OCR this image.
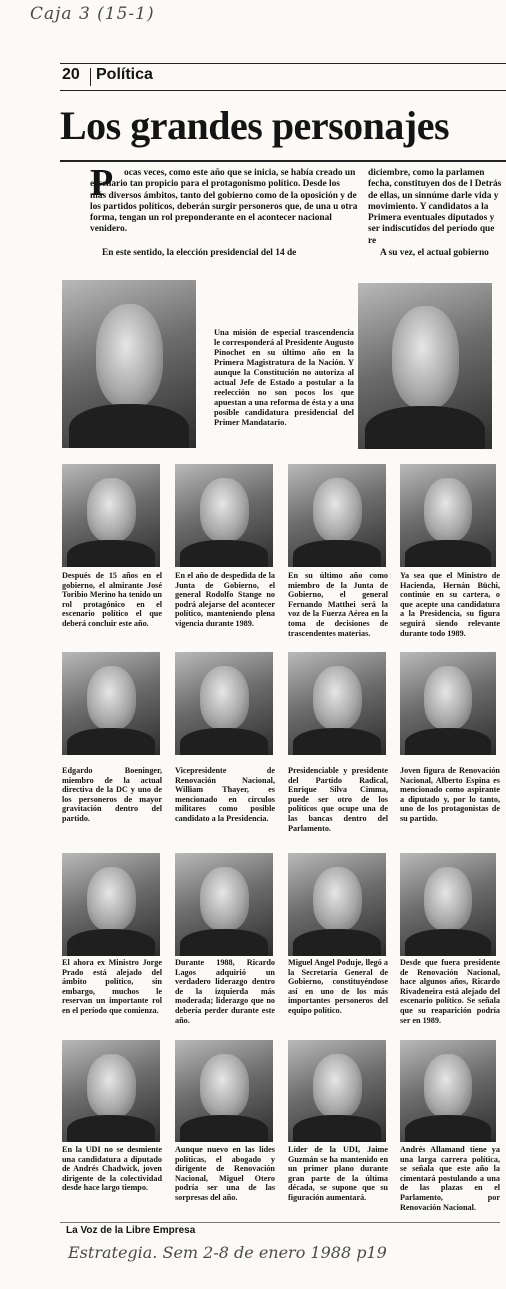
Caja 3 (15-1)
20 Política
Los grandes personajes
P	ocas veces, como este año que se inicia, se había creado un escenario tan propicio para el protagonismo político. Desde los más diversos ámbitos, tanto del gobierno como de la oposición y de los partidos políticos, deberán surgir personeros que, de una u otra forma, tengan un rol preponderante en el acontecer nacional venidero.
En este sentido, la elección presidencial del 14 de
diciembre, como la parlamen fecha, constituyen dos de l Detrás de ellas, un sinnúme darle vida y movimiento. Y candidatos a la Primera eventuales diputados y ser indiscutidos del período que re
A su vez, el actual gobierno
Una misión de especial trascendencia le corresponderá al Presidente Augusto Pinochet en su último año en la Primera Magistratura de la Nación. Y aunque la Constitución no autoriza al actual Jefe de Estado a postular a la reelección no son pocos los que apuestan a una reforma de ésta y a una posible candidatura presidencial del Primer Mandatario.
Después de 15 años en el gobierno, el almirante José Toribio Merino ha tenido un rol protagónico en el escenario político el que deberá concluir este año.
En el año de despedida de la Junta de Gobierno, el general Rodolfo Stange no podrá alejarse del acontecer político, manteniendo plena vigencia durante 1989.
En su último año como miembro de la Junta de Gobierno, el general Fernando Matthei será la voz de la Fuerza Aérea en la toma de decisiones de trascendentes materias.
Ya sea que el Ministro de Hacienda, Hernán Büchi, continúe en su cartera, o que acepte una candidatura a la Presidencia, su figura seguirá siendo relevante durante todo 1989.
Edgardo Boeninger, miembro de la actual directiva de la DC y uno de los personeros de mayor gravitación dentro del partido.
Vicepresidente de Renovación Nacional, William Thayer, es mencionado en círculos militares como posible candidato a la Presidencia.
Presidenciable y presidente del Partido Radical, Enrique Silva Cimma, puede ser otro de los políticos que ocupe una de las bancas dentro del Parlamento.
Joven figura de Renovación Nacional, Alberto Espina es mencionado como aspirante a diputado y, por lo tanto, uno de los protagonistas de su partido.
El ahora ex Ministro Jorge Prado está alejado del ámbito político, sin embargo, muchos le reservan un importante rol en el período que comienza.
Durante 1988, Ricardo Lagos adquirió un verdadero liderazgo dentro de la izquierda más moderada; liderazgo que no debería perder durante este año.
Miguel Angel Poduje, llegó a la Secretaría General de Gobierno, constituyéndose así en uno de los más importantes personeros del equipo político.
Desde que fuera presidente de Renovación Nacional, hace algunos años, Ricardo Rivadeneira está alejado del escenario político. Se señala que su reaparición podría ser en 1989.
En la UDI no se desmiente una candidatura a diputado de Andrés Chadwick, joven dirigente de la colectividad desde hace largo tiempo.
Aunque nuevo en las lides políticas, el abogado y dirigente de Renovación Nacional, Miguel Otero podría ser una de las sorpresas del año.
Líder de la UDI, Jaime Guzmán se ha mantenido en un primer plano durante gran parte de la última década, se supone que su figuración aumentará.
Andrés Allamand tiene ya una larga carrera política, se señala que este año la cimentará postulando a una de las plazas en el Parlamento, por Renovación Nacional.
La Voz de la Libre Empresa
Estrategia. Sem 2-8 de enero 1988 p19
